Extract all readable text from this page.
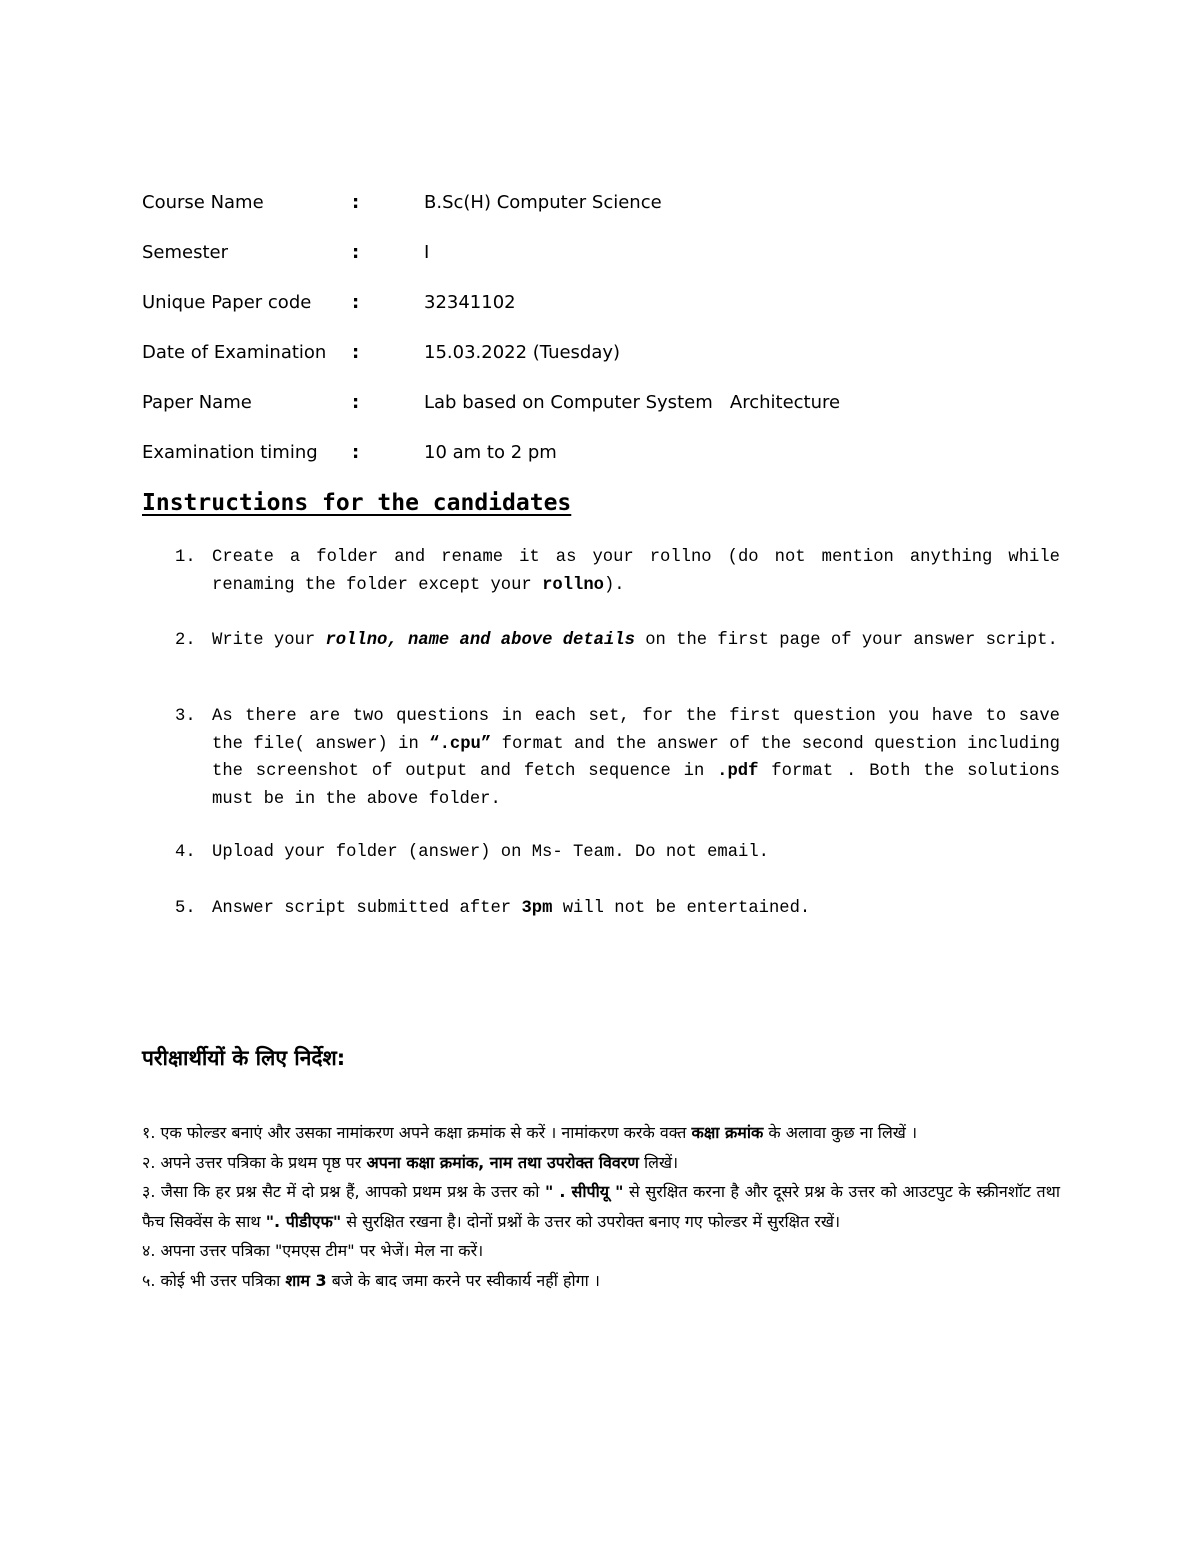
Course Name	:	B.Sc(H) Computer Science
Semester	:	I
Unique Paper code :	32341102
Date of Examination :	15.03.2022 (Tuesday)
Paper Name	:	Lab based on Computer System   Architecture
Examination timing :	10 am to 2 pm
Instructions for the candidates
1. Create a folder and rename it as your rollno (do not mention anything while renaming the folder except your rollno).
2. Write your rollno, name and above details on the first page of your answer script.
3. As there are two questions in each set, for the first question you have to save the file( answer) in “.cpu” format and the answer of the second question including the screenshot of output and fetch sequence in .pdf format . Both the solutions must be in the above folder.
4. Upload your folder (answer) on Ms- Team. Do not email.
5. Answer script submitted after 3pm will not be entertained.
परीक्षार्थीयों के लिए निर्देश:
१. एक फोल्डर बनाएं और उसका नामांकरण अपने कक्षा क्रमांक से करें । नामांकरण करके वक्त कक्षा क्रमांक के अलावा कुछ ना लिखें ।
२. अपने उत्तर पत्रिका के प्रथम पृष्ठ पर अपना कक्षा क्रमांक, नाम तथा उपरोक्त विवरण लिखें।
३. जैसा कि हर प्रश्न सैट में दो प्रश्न हैं, आपको प्रथम प्रश्न के उत्तर को " . सीपीयू " से सुरक्षित करना है और दूसरे प्रश्न के उत्तर को आउटपुट के स्क्रीनशॉट तथा फैच सिक्वेंस के साथ ". पीडीएफ" से सुरक्षित रखना है। दोनों प्रश्नों के उत्तर को उपरोक्त बनाए गए फोल्डर में सुरक्षित रखें।
४. अपना उत्तर पत्रिका "एमएस टीम" पर भेजें। मेल ना करें।
५. कोई भी उत्तर पत्रिका शाम 3 बजे के बाद जमा करने पर स्वीकार्य नहीं होगा ।
